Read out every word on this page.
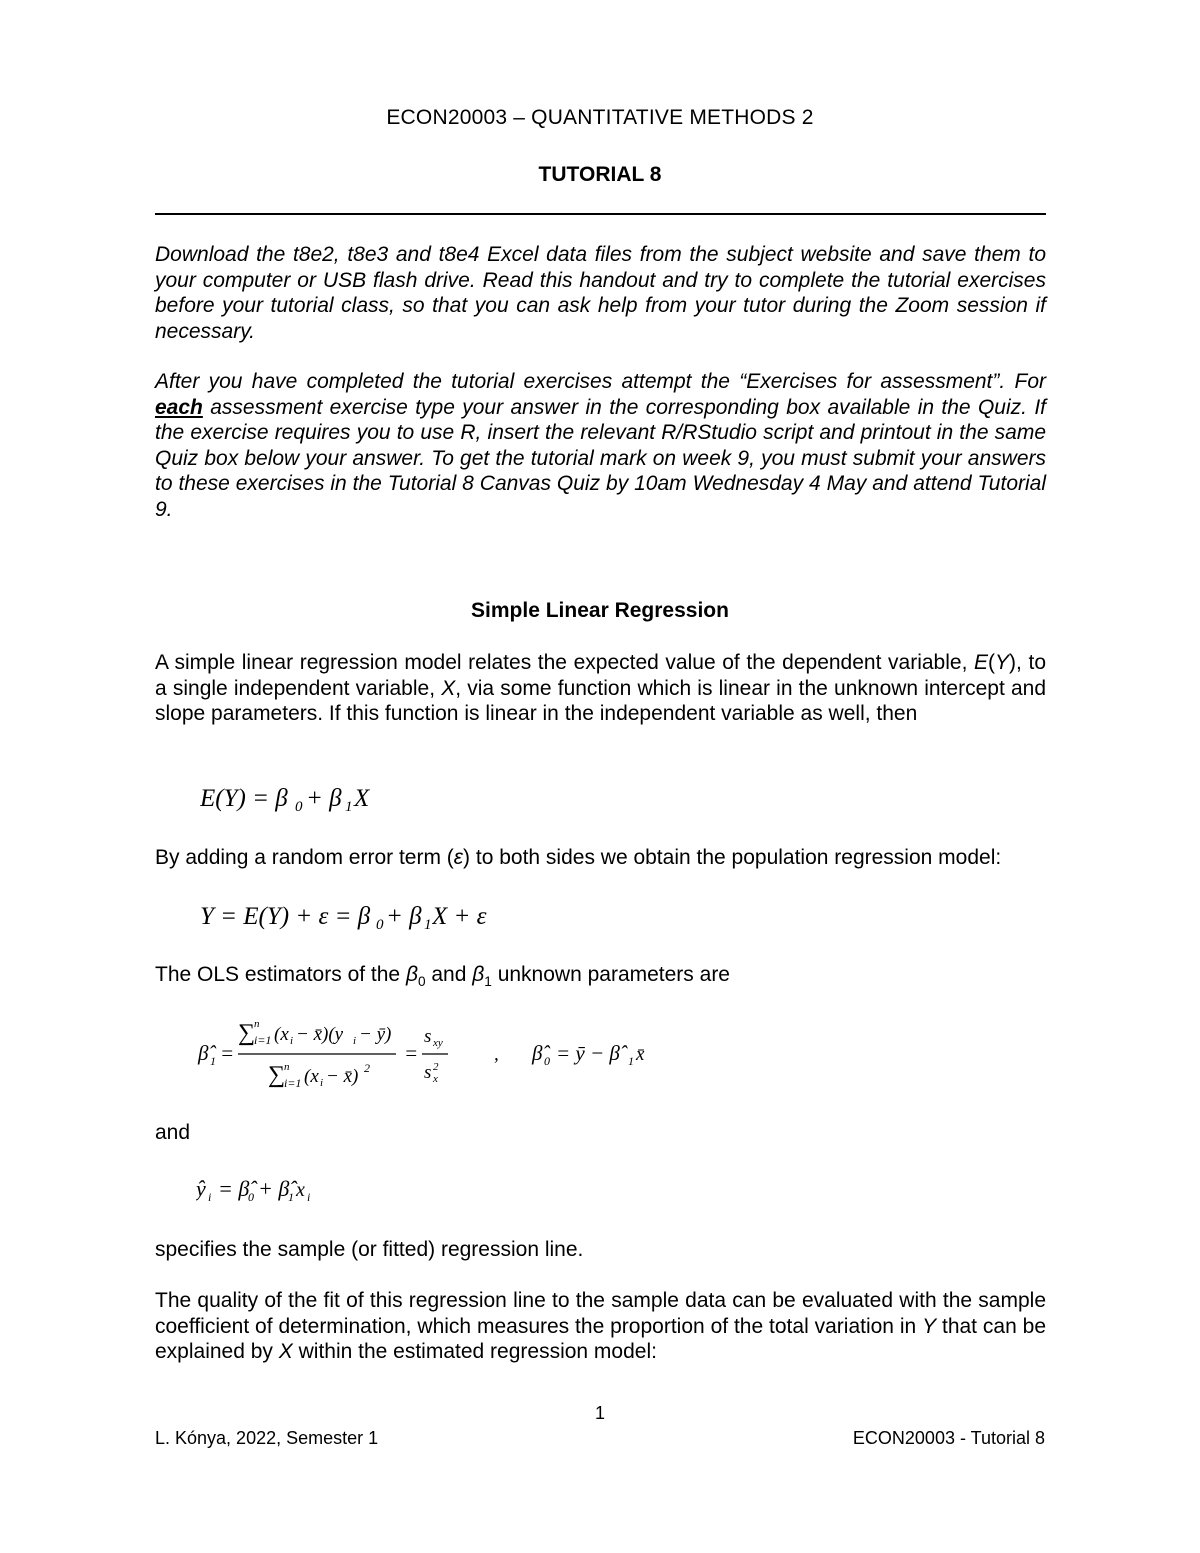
ECON20003 – QUANTITATIVE METHODS 2
TUTORIAL 8
Download the t8e2, t8e3 and t8e4 Excel data files from the subject website and save them to your computer or USB flash drive. Read this handout and try to complete the tutorial exercises before your tutorial class, so that you can ask help from your tutor during the Zoom session if necessary.
After you have completed the tutorial exercises attempt the “Exercises for assessment”. For each assessment exercise type your answer in the corresponding box available in the Quiz. If the exercise requires you to use R, insert the relevant R/RStudio script and printout in the same Quiz box below your answer. To get the tutorial mark on week 9, you must submit your answers to these exercises in the Tutorial 8 Canvas Quiz by 10am Wednesday 4 May and attend Tutorial 9.
Simple Linear Regression
A simple linear regression model relates the expected value of the dependent variable, E(Y), to a single independent variable, X, via some function which is linear in the unknown intercept and slope parameters. If this function is linear in the independent variable as well, then
E(Y) = β 0 + β 1 X
By adding a random error term (ε) to both sides we obtain the population regression model:
Y = E(Y) + ε = β 0 + β 1 X + ε
The OLS estimators of the $\beta_0$ and $\beta_1$ unknown parameters are
β̂ 1 =
∑
n
i=1 (x i − x̄)(y i − ȳ)
∑
n
i=1 (x i − x̄) 2
=
s xy
s x
2
, β̂ 0 = ȳ − β̂ 1 x̄
and
ŷ i = β̂
0 + β̂
1 x i
specifies the sample (or fitted) regression line.
The quality of the fit of this regression line to the sample data can be evaluated with the sample coefficient of determination, which measures the proportion of the total variation in Y that can be explained by X within the estimated regression model:
1
L. Kónya, 2022, Semester 1	ECON20003 - Tutorial 8
